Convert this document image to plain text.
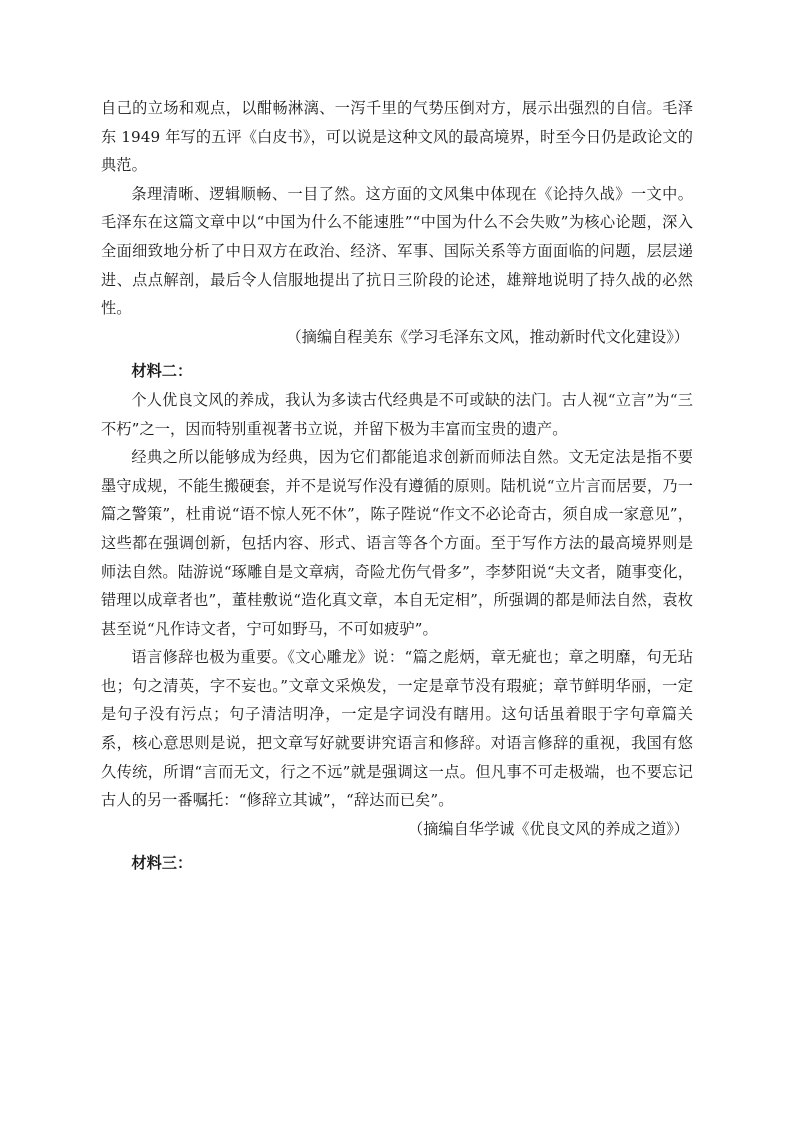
自己的立场和观点，以酣畅淋漓、一泻千里的气势压倒对方，展示出强烈的自信。毛泽东 1949 年写的五评《白皮书》，可以说是这种文风的最高境界，时至今日仍是政论文的典范。

条理清晰、逻辑顺畅、一目了然。这方面的文风集中体现在《论持久战》一文中。毛泽东在这篇文章中以“中国为什么不能速胜”“中国为什么不会失败”为核心论题，深入全面细致地分析了中日双方在政治、经济、军事、国际关系等方面面临的问题，层层递进、点点解剖，最后令人信服地提出了抗日三阶段的论述，雄辩地说明了持久战的必然性。

（摘编自程美东《学习毛泽东文风，推动新时代文化建设》）

材料二：

个人优良文风的养成，我认为多读古代经典是不可或缺的法门。古人视“立言”为“三不朽”之一，因而特别重视著书立说，并留下极为丰富而宝贵的遗产。

经典之所以能够成为经典，因为它们都能追求创新而师法自然。文无定法是指不要墨守成规，不能生搬硬套，并不是说写作没有遵循的原则。陆机说“立片言而居要，乃一篇之警策”，杜甫说“语不惊人死不休”，陈子陛说“作文不必论奇古，须自成一家意见”，这些都在强调创新，包括内容、形式、语言等各个方面。至于写作方法的最高境界则是师法自然。陆游说“琢雕自是文章病，奇险尤伤气骨多”，李梦阳说“夫文者，随事变化，错理以成章者也”，董桂敷说“造化真文章，本自无定相”，所强调的都是师法自然，袁枚甚至说“凡作诗文者，宁可如野马，不可如疲驴”。

语言修辞也极为重要。《文心雕龙》说：“篇之彪炳，章无疵也；章之明靡，句无玷也；句之清英，字不妄也。”文章文采焕发，一定是章节没有瑕疵；章节鲜明华丽，一定是句子没有污点；句子清洁明净，一定是字词没有瞎用。这句话虽着眼于字句章篇关系，核心意思则是说，把文章写好就要讲究语言和修辞。对语言修辞的重视，我国有悠久传统，所谓“言而无文，行之不远”就是强调这一点。但凡事不可走极端，也不要忘记古人的另一番嘱托：“修辞立其诚”，“辞达而已矣”。

（摘编自华学诚《优良文风的养成之道》）

材料三：
